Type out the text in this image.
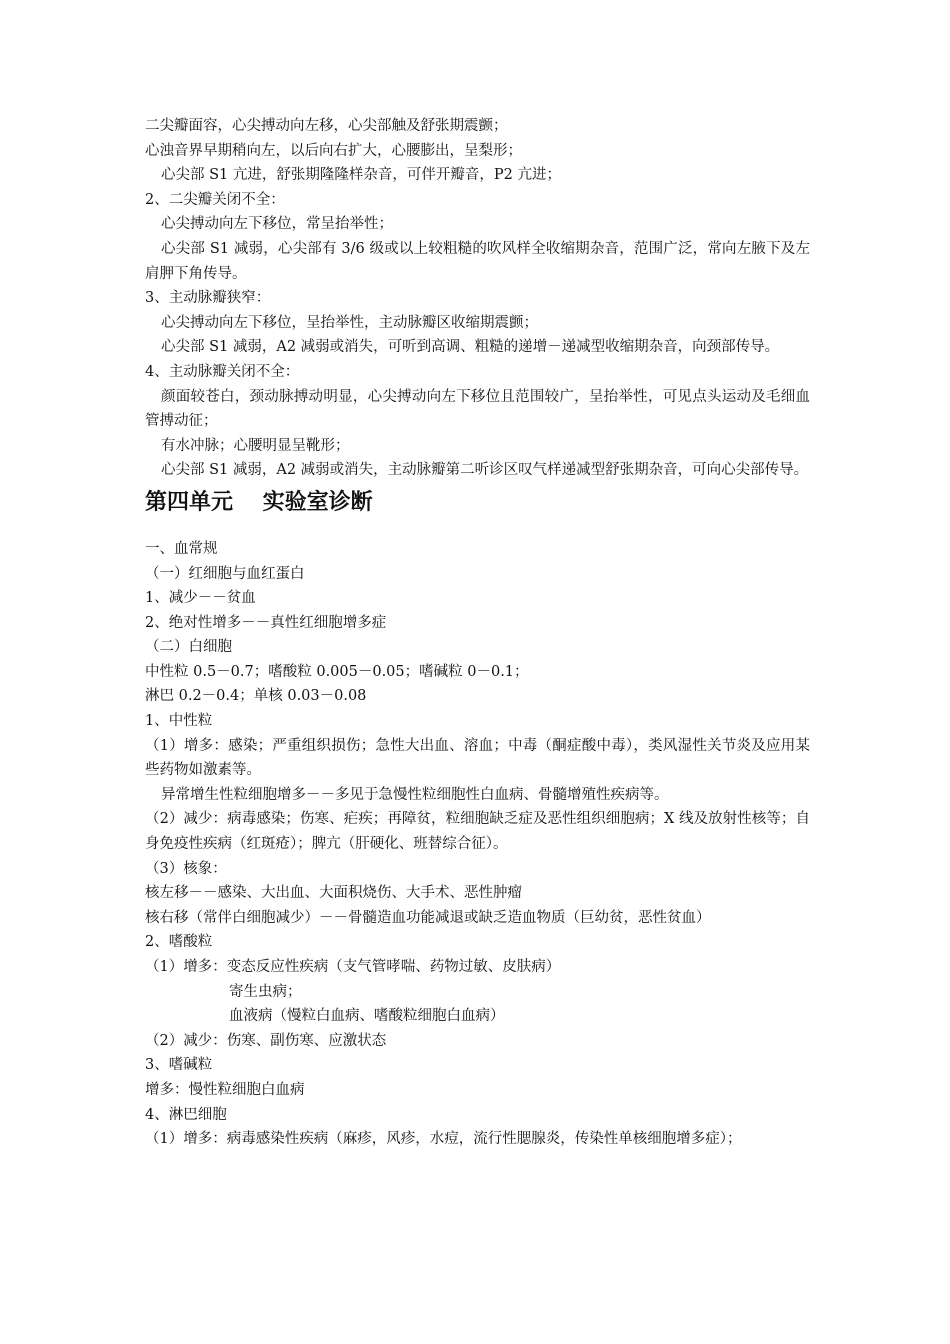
二尖瓣面容，心尖搏动向左移，心尖部触及舒张期震颤；

心浊音界早期稍向左，以后向右扩大，心腰膨出，呈梨形；

心尖部 S1 亢进，舒张期隆隆样杂音，可伴开瓣音，P2 亢进；

2、二尖瓣关闭不全：

心尖搏动向左下移位，常呈抬举性；

心尖部 S1 减弱，心尖部有 3/6 级或以上较粗糙的吹风样全收缩期杂音，范围广泛，常向左腋下及左肩胛下角传导。

3、主动脉瓣狭窄：

心尖搏动向左下移位，呈抬举性，主动脉瓣区收缩期震颤；

心尖部 S1 减弱，A2 减弱或消失，可听到高调、粗糙的递增－递减型收缩期杂音，向颈部传导。

4、主动脉瓣关闭不全：

颜面较苍白，颈动脉搏动明显，心尖搏动向左下移位且范围较广，呈抬举性，可见点头运动及毛细血管搏动征；

有水冲脉；心腰明显呈靴形；

心尖部 S1 减弱，A2 减弱或消失，主动脉瓣第二听诊区叹气样递减型舒张期杂音，可向心尖部传导。

第四单元　 实验室诊断

一、血常规

（一）红细胞与血红蛋白

1、减少－－贫血

2、绝对性增多－－真性红细胞增多症

（二）白细胞

中性粒 0.5－0.7；嗜酸粒 0.005－0.05；嗜碱粒 0－0.1；

淋巴 0.2－0.4；单核 0.03－0.08

1、中性粒

（1）增多：感染；严重组织损伤；急性大出血、溶血；中毒（酮症酸中毒），类风湿性关节炎及应用某些药物如激素等。

异常增生性粒细胞增多－－多见于急慢性粒细胞性白血病、骨髓增殖性疾病等。

（2）减少：病毒感染；伤寒、疟疾；再障贫，粒细胞缺乏症及恶性组织细胞病；X 线及放射性核等；自身免疫性疾病（红斑疮）；脾亢（肝硬化、班替综合征）。

（3）核象：

核左移－－感染、大出血、大面积烧伤、大手术、恶性肿瘤

核右移（常伴白细胞减少）－－骨髓造血功能减退或缺乏造血物质（巨幼贫，恶性贫血）

2、嗜酸粒

（1）增多：变态反应性疾病（支气管哮喘、药物过敏、皮肤病）

寄生虫病；

血液病（慢粒白血病、嗜酸粒细胞白血病）

（2）减少：伤寒、副伤寒、应激状态

3、嗜碱粒

增多：慢性粒细胞白血病

4、淋巴细胞

（1）增多：病毒感染性疾病（麻疹，风疹，水痘，流行性腮腺炎，传染性单核细胞增多症）；
